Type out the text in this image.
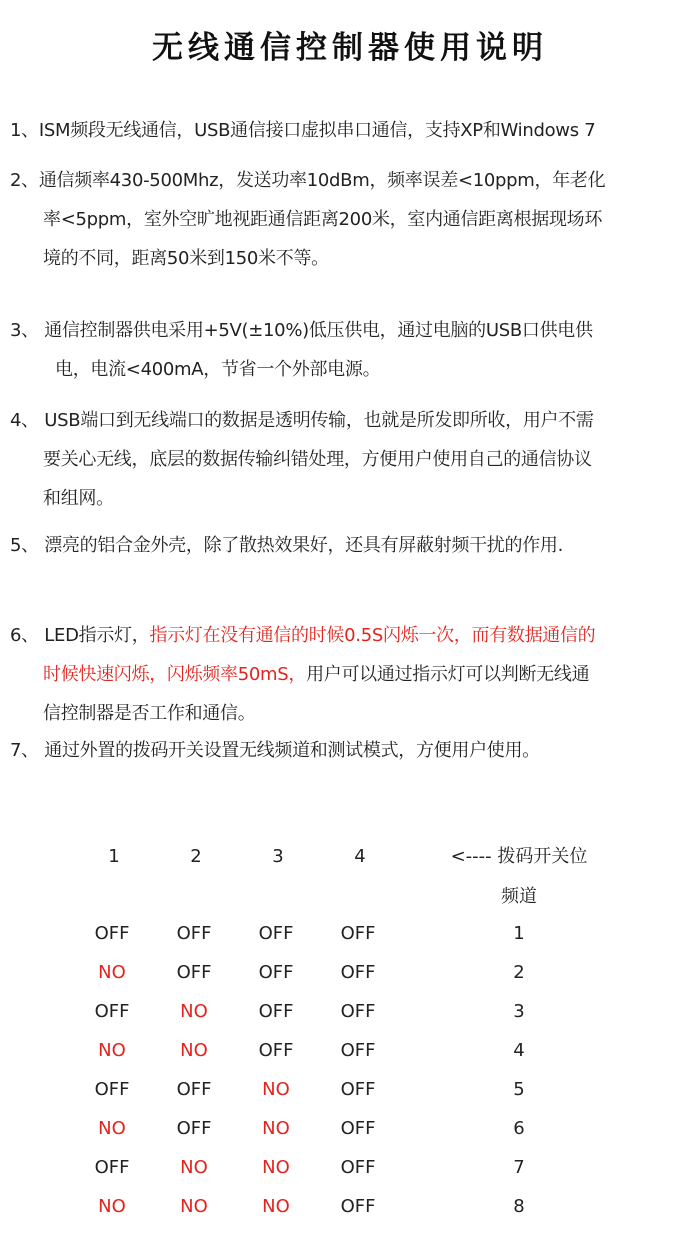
无线通信控制器使用说明
1、ISM频段无线通信，USB通信接口虚拟串口通信，支持XP和Windows 7
2、通信频率430-500Mhz，发送功率10dBm，频率误差<10ppm，年老化
率<5ppm，室外空旷地视距通信距离200米，室内通信距离根据现场环
境的不同，距离50米到150米不等。
3、 通信控制器供电采用+5V(±10%)低压供电，通过电脑的USB口供电供
电，电流<400mA，节省一个外部电源。
4、 USB端口到无线端口的数据是透明传输，也就是所发即所收，用户不需
要关心无线，底层的数据传输纠错处理，方便用户使用自己的通信协议
和组网。
5、 漂亮的铝合金外壳，除了散热效果好，还具有屏蔽射频干扰的作用.
6、 LED指示灯，指示灯在没有通信的时候0.5S闪烁一次，而有数据通信的
时候快速闪烁，闪烁频率50mS，用户可以通过指示灯可以判断无线通
信控制器是否工作和通信。
7、 通过外置的拨码开关设置无线频道和测试模式，方便用户使用。
1	2	3	4	<---- 拨码开关位
频道
OFF	OFF	OFF	OFF	1
NO	OFF	OFF	OFF	2
OFF	NO	OFF	OFF	3
NO	NO	OFF	OFF	4
OFF	OFF	NO	OFF	5
NO	OFF	NO	OFF	6
OFF	NO	NO	OFF	7
NO	NO	NO	OFF	8
